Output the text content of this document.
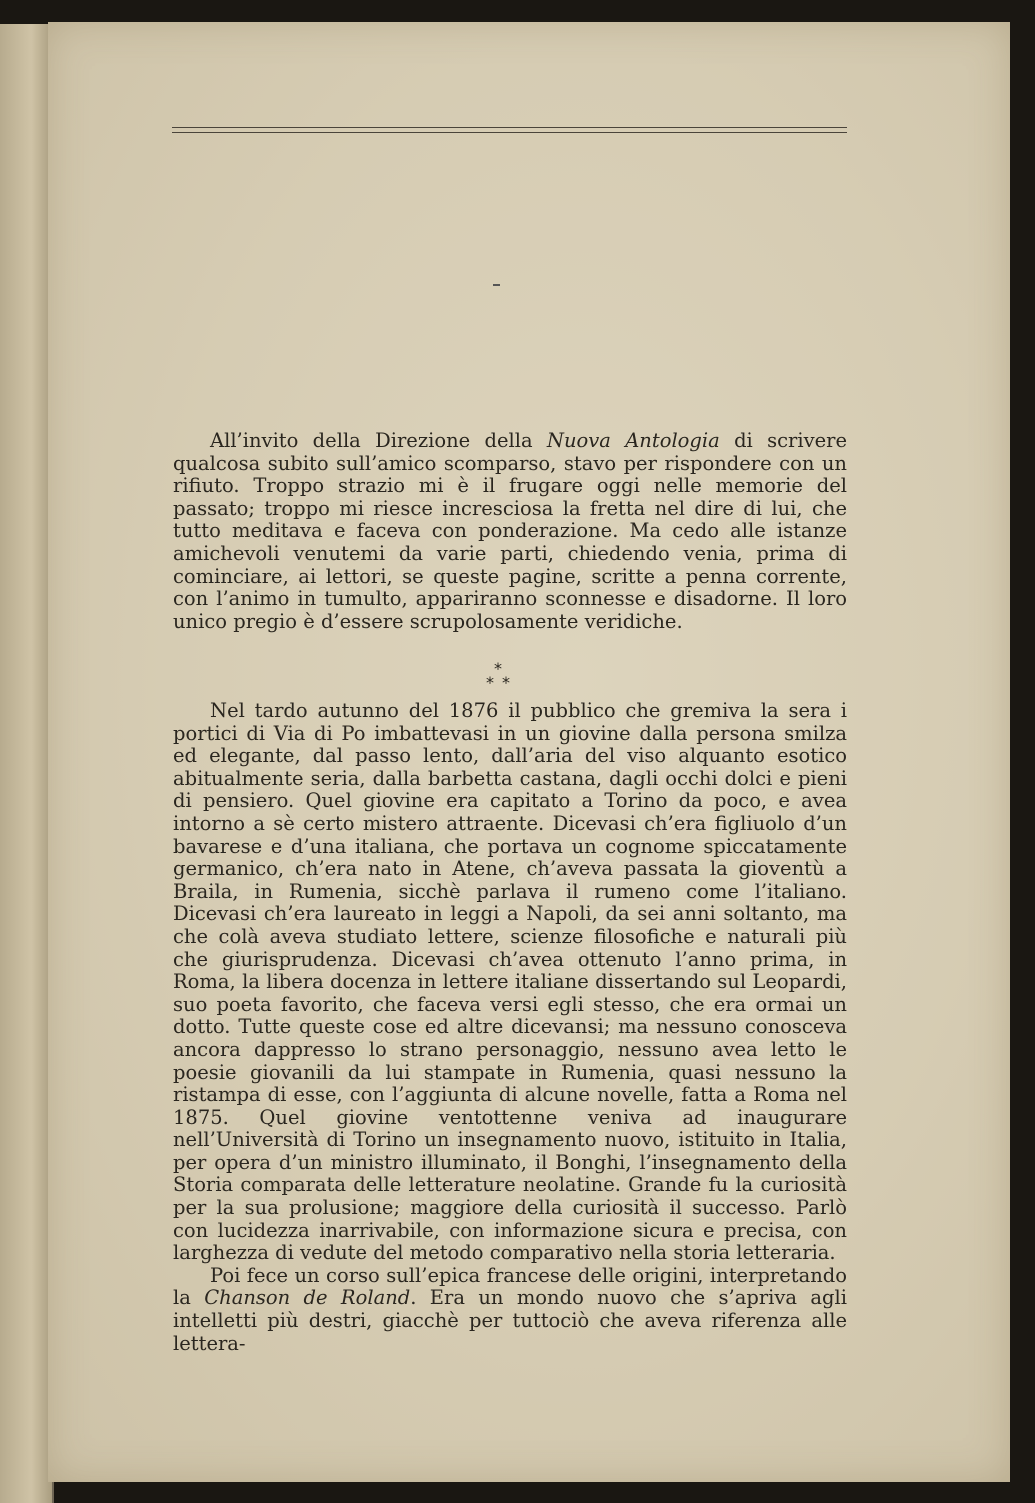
All’invito della Direzione della Nuova Antologia di scrivere qualcosa subito sull’amico scomparso, stavo per rispondere con un rifiuto. Troppo strazio mi è il frugare oggi nelle memorie del passato; troppo mi riesce incresciosa la fretta nel dire di lui, che tutto meditava e faceva con ponderazione. Ma cedo alle istanze amichevoli venutemi da varie parti, chiedendo venia, prima di cominciare, ai lettori, se queste pagine, scritte a penna corrente, con l’animo in tumulto, appariranno sconnesse e disadorne. Il loro unico pregio è d’essere scrupolosamente veridiche.

*
**

Nel tardo autunno del 1876 il pubblico che gremiva la sera i portici di Via di Po imbattevasi in un giovine dalla persona smilza ed elegante, dal passo lento, dall’aria del viso alquanto esotico abitualmente seria, dalla barbetta castana, dagli occhi dolci e pieni di pensiero. Quel giovine era capitato a Torino da poco, e avea intorno a sè certo mistero attraente. Dicevasi ch’era figliuolo d’un bavarese e d’una italiana, che portava un cognome spiccatamente germanico, ch’era nato in Atene, ch’aveva passata la gioventù a Braila, in Rumenia, sicchè parlava il rumeno come l’italiano. Dicevasi ch’era laureato in leggi a Napoli, da sei anni soltanto, ma che colà aveva studiato lettere, scienze filosofiche e naturali più che giurisprudenza. Dicevasi ch’avea ottenuto l’anno prima, in Roma, la libera docenza in lettere italiane dissertando sul Leopardi, suo poeta favorito, che faceva versi egli stesso, che era ormai un dotto. Tutte queste cose ed altre dicevansi; ma nessuno conosceva ancora dappresso lo strano personaggio, nessuno avea letto le poesie giovanili da lui stampate in Rumenia, quasi nessuno la ristampa di esse, con l’aggiunta di alcune novelle, fatta a Roma nel 1875. Quel giovine ventottenne veniva ad inaugurare nell’Università di Torino un insegnamento nuovo, istituito in Italia, per opera d’un ministro illuminato, il Bonghi, l’insegnamento della Storia comparata delle letterature neolatine. Grande fu la curiosità per la sua prolusione; maggiore della curiosità il successo. Parlò con lucidezza inarrivabile, con informazione sicura e precisa, con larghezza di vedute del metodo comparativo nella storia letteraria.

Poi fece un corso sull’epica francese delle origini, interpretando la Chanson de Roland. Era un mondo nuovo che s’apriva agli intelletti più destri, giacchè per tuttociò che aveva riferenza alle lettera-
